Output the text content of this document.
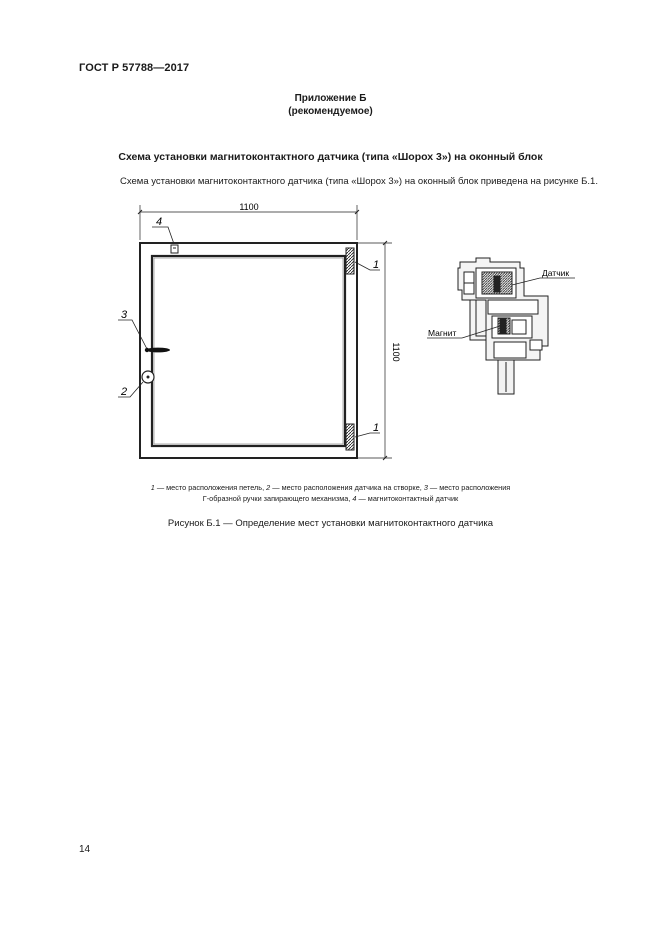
ГОСТ Р 57788—2017
Приложение Б
(рекомендуемое)
Схема установки магнитоконтактного датчика (типа «Шорох 3») на оконный блок
Схема установки магнитоконтактного датчика (типа «Шорох 3») на оконный блок приведена на рисунке Б.1.
1100
1100
4
1
1
3
2
Датчик
Магнит
1 — место расположения петель, 2 — место расположения датчика на створке, 3 — место расположения
Г-образной ручки запирающего механизма, 4 — магнитоконтактный датчик
Рисунок Б.1 — Определение мест установки магнитоконтактного датчика
14
